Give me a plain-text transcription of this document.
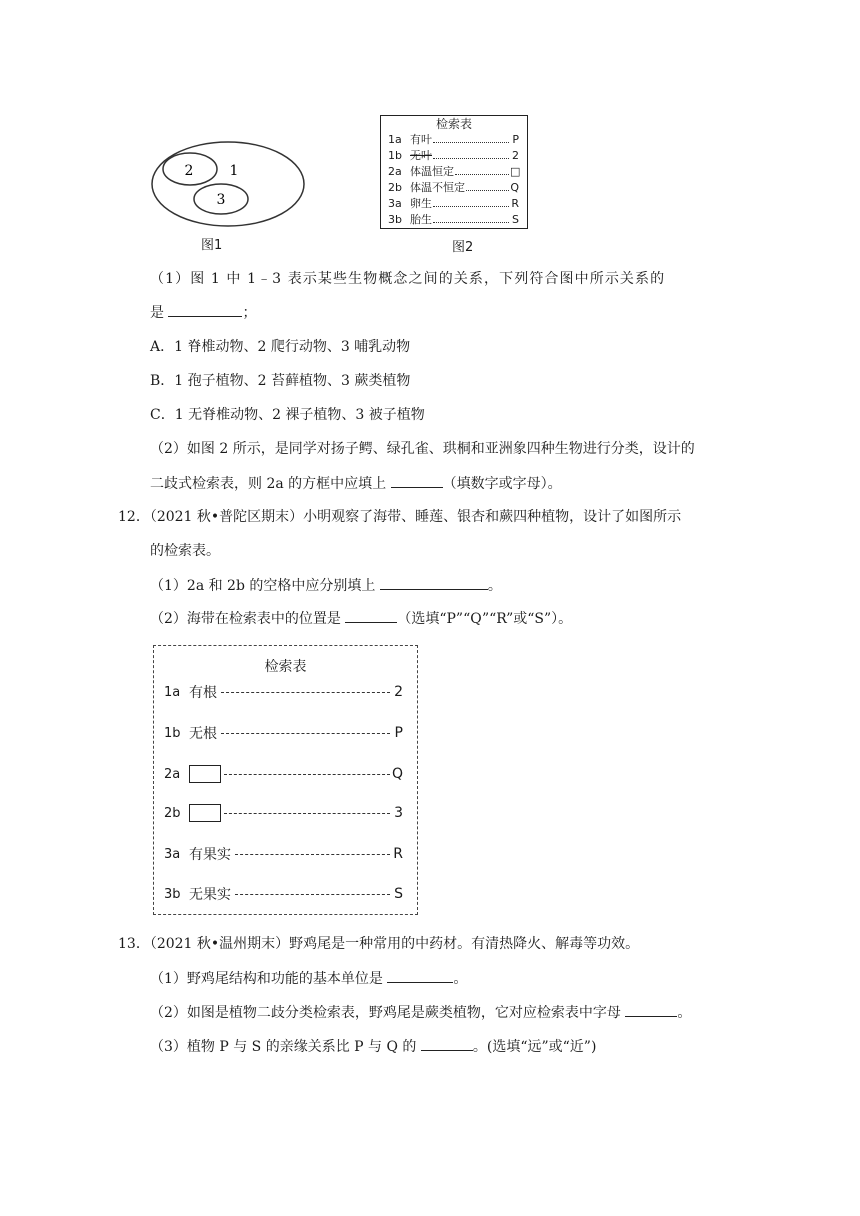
2	1
3
图1
检索表
1a 有叶	P
1b 无叶	2
2a 体温恒定	□
2b 体温不恒定	Q
3a 卵生	R
3b 胎生	S
图2
（1）图 1 中 1﹣3 表示某些生物概念之间的关系，下列符合图中所示关系的
是	；
A．1 脊椎动物、2 爬行动物、3 哺乳动物
B．1 孢子植物、2 苔藓植物、3 蕨类植物
C．1 无脊椎动物、2 裸子植物、3 被子植物
（2）如图 2 所示，是同学对扬子鳄、绿孔雀、珙桐和亚洲象四种生物进行分类，设计的
二歧式检索表，则 2a 的方框中应填上	（填数字或字母）。
12．（2021 秋•普陀区期末）小明观察了海带、睡莲、银杏和蕨四种植物，设计了如图所示
的检索表。
（1）2a 和 2b 的空格中应分别填上	。
（2）海带在检索表中的位置是	（选填“P”“Q”“R”或“S”）。
检索表
1a 有根	2
1b 无根	P
2a	Q
2b	3
3a 有果实	R
3b 无果实	S
13．（2021 秋•温州期末）野鸡尾是一种常用的中药材。有清热降火、解毒等功效。
（1）野鸡尾结构和功能的基本单位是	。
（2）如图是植物二歧分类检索表，野鸡尾是蕨类植物，它对应检索表中字母	。
（3）植物 P 与 S 的亲缘关系比 P 与 Q 的	。(选填“远”或“近”)
